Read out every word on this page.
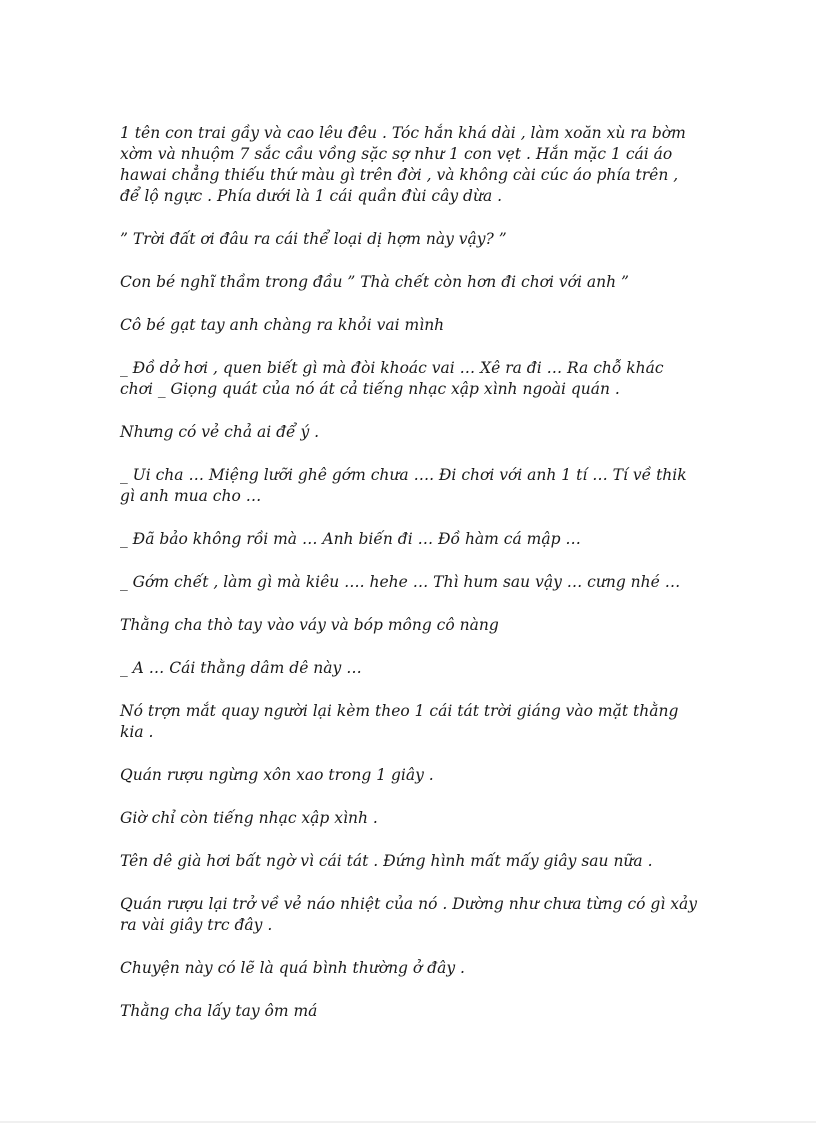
1 tên con trai gầy và cao lêu đêu . Tóc hắn khá dài , làm xoăn xù ra bờm xờm và nhuộm 7 sắc cầu vồng sặc sợ như 1 con vẹt . Hắn mặc 1 cái áo hawai chẳng thiếu thứ màu gì trên đời , và không cài cúc áo phía trên , để lộ ngực . Phía dưới là 1 cái quần đùi cây dừa .

” Trời đất ơi đâu ra cái thể loại dị hợm này vậy? ”

Con bé nghĩ thầm trong đầu ” Thà chết còn hơn đi chơi với anh ”

Cô bé gạt tay anh chàng ra khỏi vai mình

_ Đồ dở hơi , quen biết gì mà đòi khoác vai … Xê ra đi … Ra chỗ khác chơi _ Giọng quát của nó át cả tiếng nhạc xập xình ngoài quán .

Nhưng có vẻ chả ai để ý .

_ Ui cha … Miệng lưỡi ghê gớm chưa …. Đi chơi với anh 1 tí … Tí về thik gì anh mua cho …

_ Đã bảo không rồi mà … Anh biến đi … Đồ hàm cá mập …

_ Gớm chết , làm gì mà kiêu …. hehe … Thì hum sau vậy … cưng nhé …

Thằng cha thò tay vào váy và bóp mông cô nàng

_ A … Cái thằng dâm dê này …

Nó trợn mắt quay người lại kèm theo 1 cái tát trời giáng vào mặt thằng kia .

Quán rượu ngừng xôn xao trong 1 giây .

Giờ chỉ còn tiếng nhạc xập xình .

Tên dê già hơi bất ngờ vì cái tát . Đứng hình mất mấy giây sau nữa .

Quán rượu lại trở về vẻ náo nhiệt của nó . Dường như chưa từng có gì xảy ra vài giây trc đây .

Chuyện này có lẽ là quá bình thường ở đây .

Thằng cha lấy tay ôm má
